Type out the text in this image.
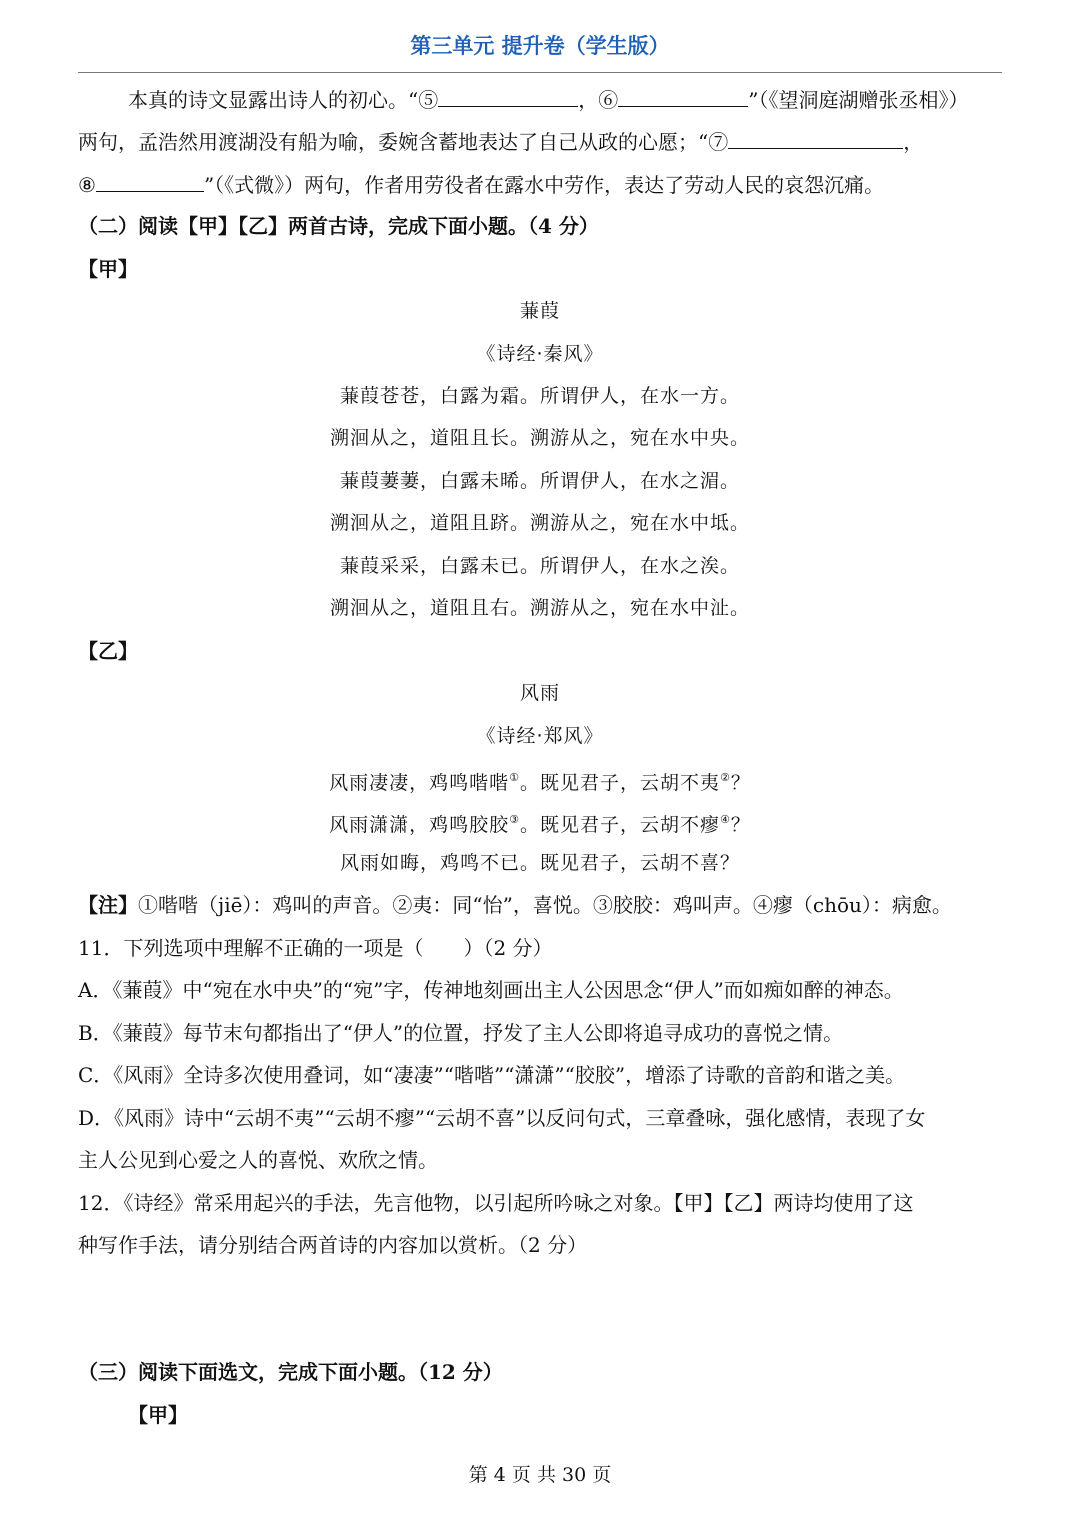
第三单元 提升卷（学生版）
本真的诗文显露出诗人的初心。“⑤	，⑥	”（《望洞庭湖赠张丞相》）
两句，孟浩然用渡湖没有船为喻，委婉含蓄地表达了自己从政的心愿；“⑦	，
⑧	”（《式微》）两句，作者用劳役者在露水中劳作，表达了劳动人民的哀怨沉痛。
（二）阅读【甲】【乙】两首古诗，完成下面小题。（4 分）
【甲】
蒹葭
《诗经·秦风》
蒹葭苍苍，白露为霜。所谓伊人，在水一方。
溯洄从之，道阻且长。溯游从之，宛在水中央。
蒹葭萋萋，白露未晞。所谓伊人，在水之湄。
溯洄从之，道阻且跻。溯游从之，宛在水中坻。
蒹葭采采，白露未已。所谓伊人，在水之涘。
溯洄从之，道阻且右。溯游从之，宛在水中沚。
【乙】
风雨
《诗经·郑风》
风雨凄凄，鸡鸣喈喈①。既见君子，云胡不夷②？
风雨潇潇，鸡鸣胶胶③。既见君子，云胡不瘳④？
风雨如晦，鸡鸣不已。既见君子，云胡不喜？
【注】①喈喈（jiē）：鸡叫的声音。②夷：同“怡”，喜悦。③胶胶：鸡叫声。④瘳（chōu）：病愈。
11．下列选项中理解不正确的一项是（　　）（2 分）
A．《蒹葭》中“宛在水中央”的“宛”字，传神地刻画出主人公因思念“伊人”而如痴如醉的神态。
B．《蒹葭》每节末句都指出了“伊人”的位置，抒发了主人公即将追寻成功的喜悦之情。
C．《风雨》全诗多次使用叠词，如“凄凄”“喈喈”“潇潇”“胶胶”，增添了诗歌的音韵和谐之美。
D．《风雨》诗中“云胡不夷”“云胡不瘳”“云胡不喜”以反问句式，三章叠咏，强化感情，表现了女
主人公见到心爱之人的喜悦、欢欣之情。
12．《诗经》常采用起兴的手法，先言他物，以引起所吟咏之对象。【甲】【乙】两诗均使用了这
种写作手法，请分别结合两首诗的内容加以赏析。（2 分）
（三）阅读下面选文，完成下面小题。（12 分）
【甲】
第 4 页 共 30 页
